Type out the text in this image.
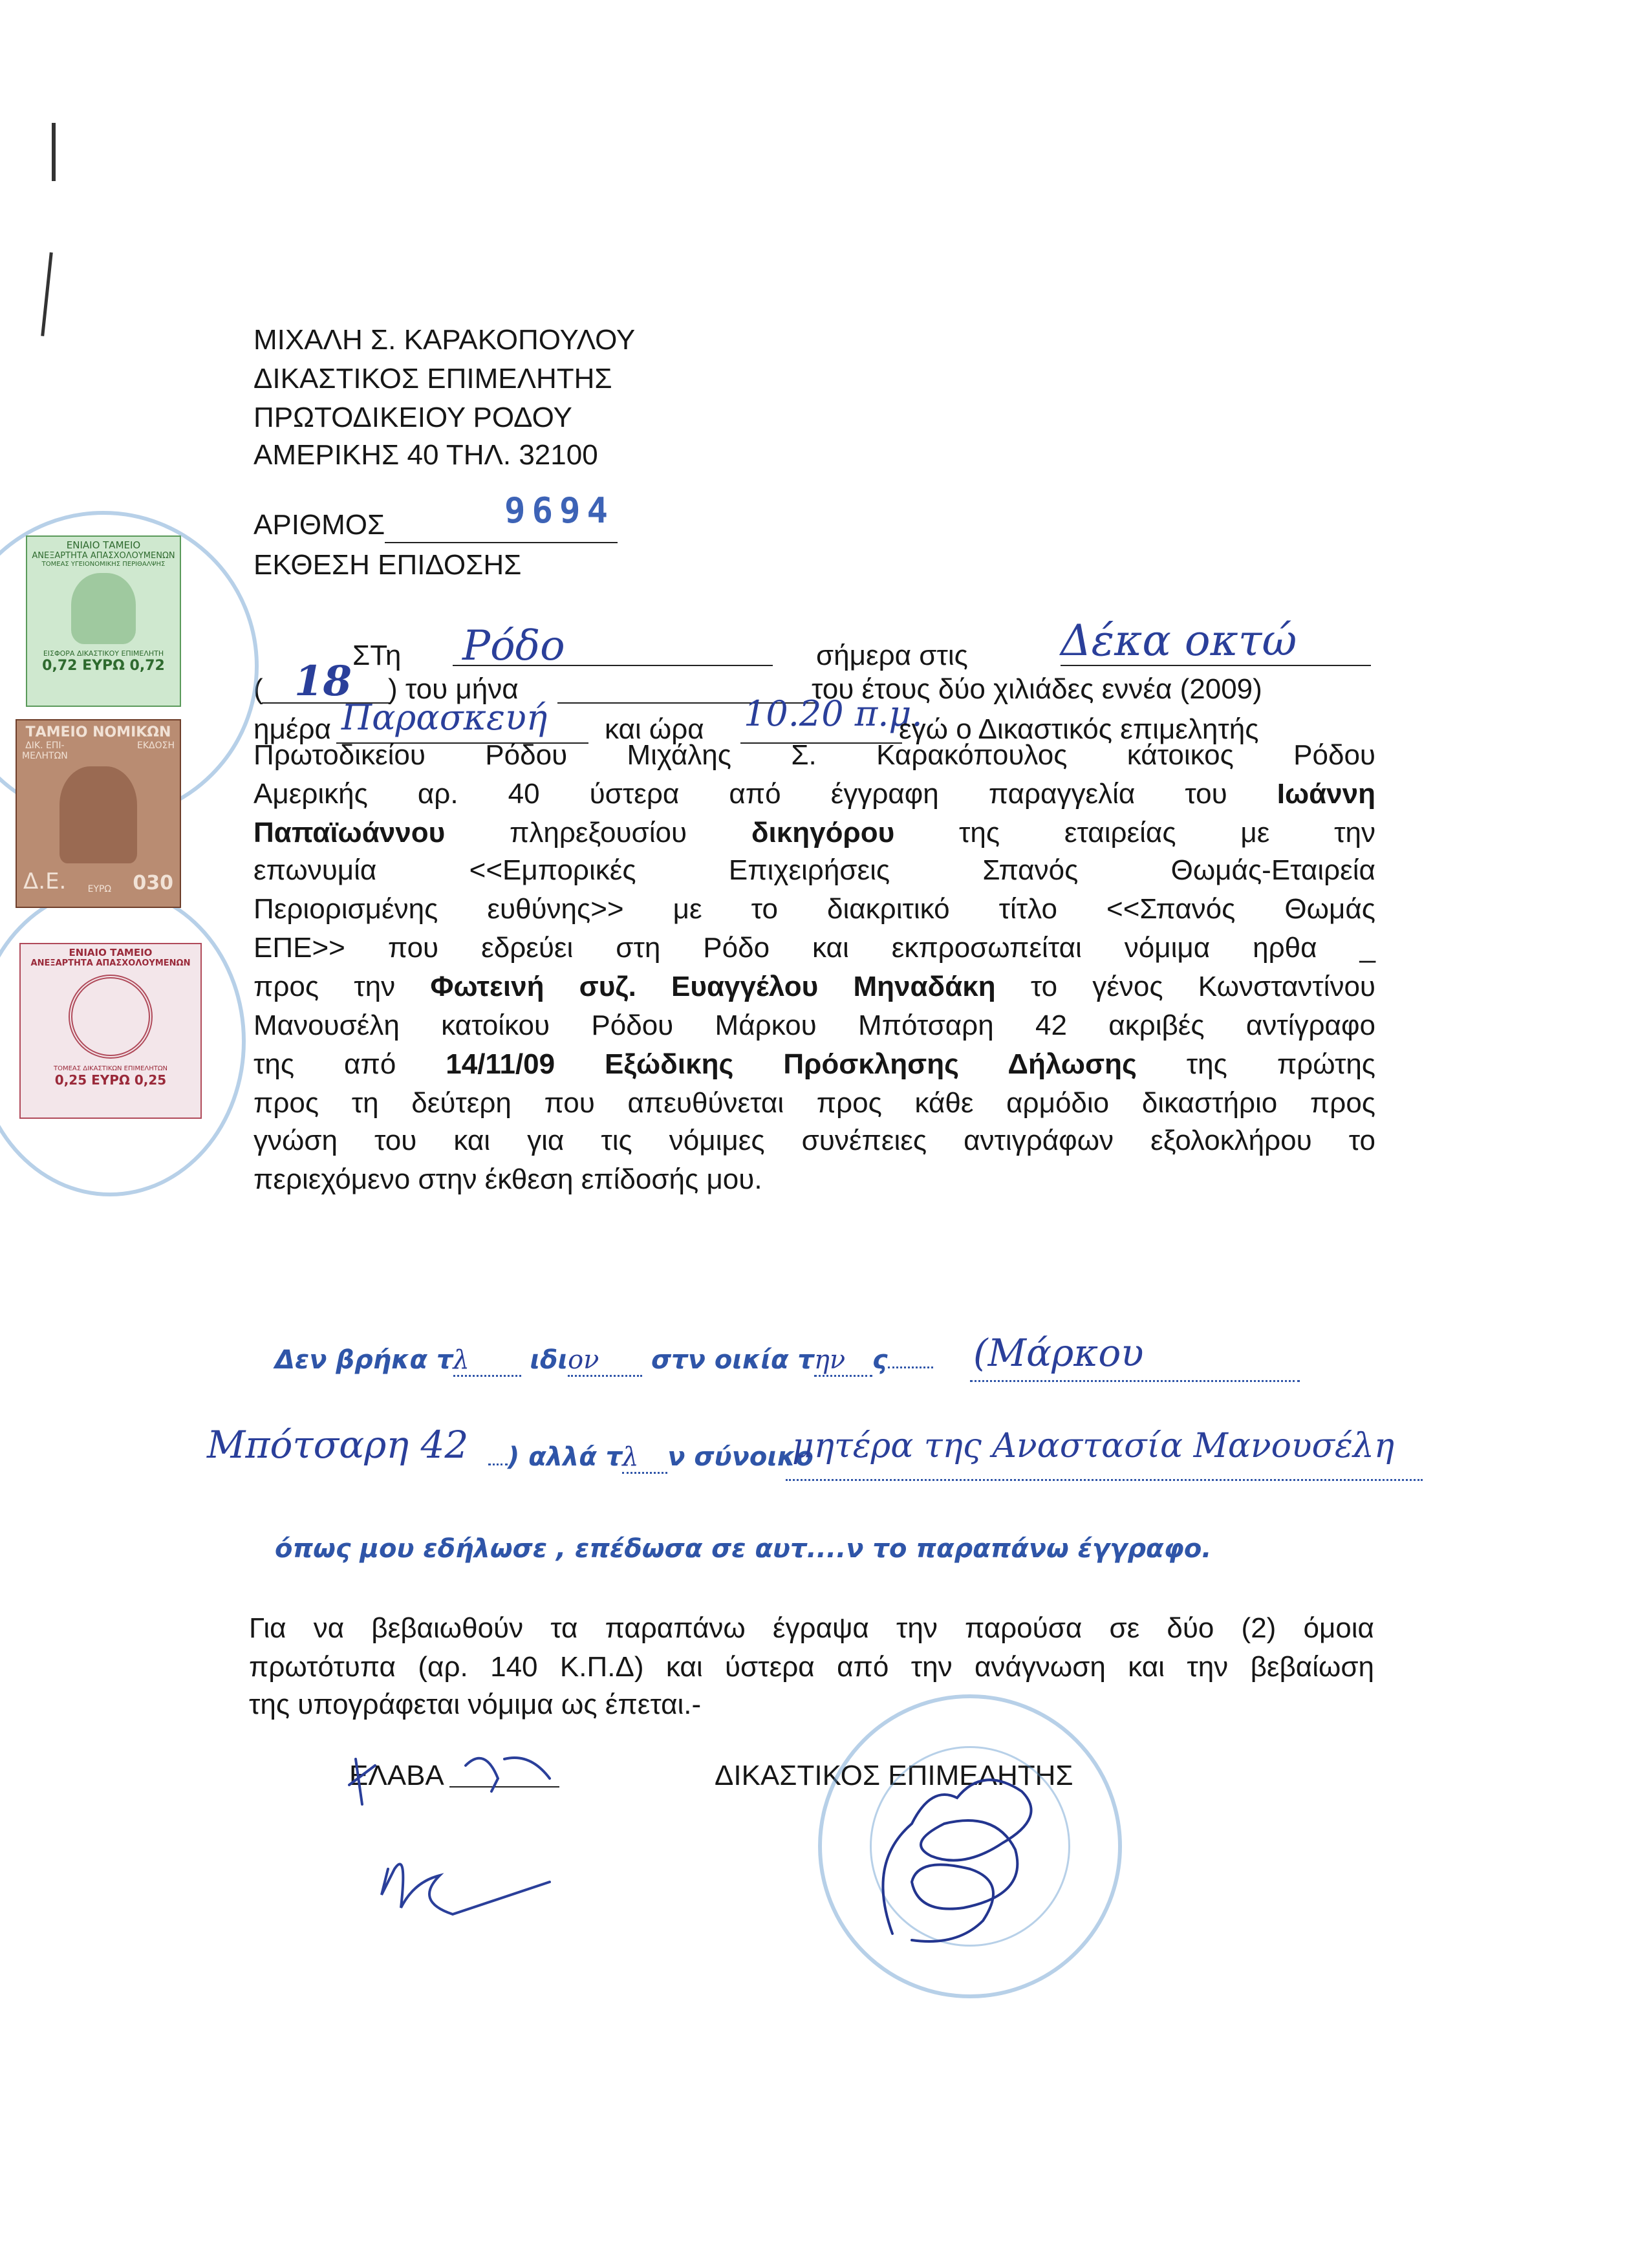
ΜΙΧΑΛΗ Σ. ΚΑΡΑΚΟΠΟΥΛΟΥ
ΔΙΚΑΣΤΙΚΟΣ ΕΠΙΜΕΛΗΤΗΣ
ΠΡΩΤΟΔΙΚΕΙΟΥ ΡΟΔΟΥ
ΑΜΕΡΙΚΗΣ 40 ΤΗΛ. 32100
ΑΡΙΘΜΟΣ	9694
ΕΚΘΕΣΗ ΕΠΙΔΟΣΗΣ
ΣΤη Ρόδο	σήμερα στις Δέκα οκτώ
( 18 ) του μήνα	του έτους δύο χιλιάδες εννέα (2009)
ημέρα Παρασκευή και ώρα 10.20 π.μ.
εγώ ο Δικαστικός επιμελητής
Πρωτοδικείου Ρόδου Μιχάλης Σ. Καρακόπουλος κάτοικος Ρόδου
Αμερικής αρ. 40 ύστερα από έγγραφη παραγγελία του Ιωάννη
Παπαϊωάννου πληρεξουσίου δικηγόρου της εταιρείας με την
επωνυμία <<Εμπορικές Επιχειρήσεις Σπανός Θωμάς-Εταιρεία
Περιορισμένης ευθύνης>> με το διακριτικό τίτλο <<Σπανός Θωμάς
ΕΠΕ>> που εδρεύει στη Ρόδο και εκπροσωπείται νόμιμα ηρθα _
προς την Φωτεινή συζ. Ευαγγέλου Μηναδάκη το γένος Κωνσταντίνου
Μανουσέλη κατοίκου Ρόδου Μάρκου Μπότσαρη 42 ακριβές αντίγραφο
της από 14/11/09 Εξώδικης Πρόσκλησης Δήλωσης της πρώτης
προς τη δεύτερη που απευθύνεται προς κάθε αρμόδιο δικαστήριο προς
γνώση του και για τις νόμιμες συνέπειες αντιγράφων εξολοκλήρου το
περιεχόμενο στην έκθεση επίδοσής μου.
Δεν βρήκα τλ ιδιον στν οικία την ς	(Μάρκου
Μπότσαρη 42	) αλλά τλ ν σύνοικο
μητέρα της Αναστασία Μανουσέλη
όπως μου εδήλωσε , επέδωσα σε αυτ....ν το παραπάνω έγγραφο.
Για να βεβαιωθούν τα παραπάνω έγραψα την παρούσα σε δύο (2) όμοια
πρωτότυπα (αρ. 140 Κ.Π.Δ) και ύστερα από την ανάγνωση και την βεβαίωση
της υπογράφεται νόμιμα ως έπεται.-
ΕΛΑΒΑ	ΔΙΚΑΣΤΙΚΟΣ ΕΠΙΜΕΛΗΤΗΣ
ΕΝΙΑΙΟ ΤΑΜΕΙΟ
ΑΝΕΞΑΡΤΗΤΑ ΑΠΑΣΧΟΛΟΥΜΕΝΩΝ
ΤΟΜΕΑΣ ΥΓΕΙΟΝΟΜΙΚΗΣ ΠΕΡΙΘΑΛΨΗΣ
ΕΙΣΦΟΡΑ ΔΙΚΑΣΤΙΚΟΥ ΕΠΙΜΕΛΗΤΗ
0,72 ΕΥΡΩ 0,72
ΤΑΜΕΙΟ ΝΟΜΙΚΩΝ
ΔΙΚ. ΕΠΙ-
ΜΕΛΗΤΩΝ
ΕΚΔΟΣΗ
Δ.Ε. ΕΥΡΩ 030
ΕΝΙΑΙΟ ΤΑΜΕΙΟ
ΑΝΕΞΑΡΤΗΤΑ ΑΠΑΣΧΟΛΟΥΜΕΝΩΝ
ΤΟΜΕΑΣ ΔΙΚΑΣΤΙΚΩΝ ΕΠΙΜΕΛΗΤΩΝ
0,25 ΕΥΡΩ 0,25
